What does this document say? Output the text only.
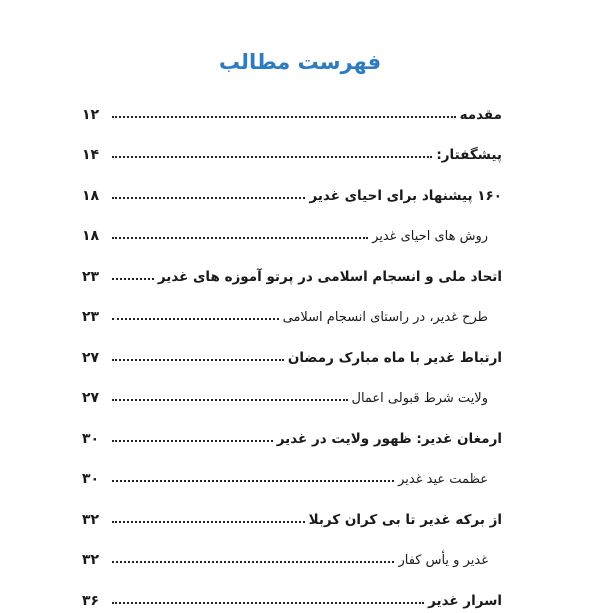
فهرست مطالب
مقدمه
۱۲
پیشگفتار:
۱۴
۱۶۰ پیشنهاد برای احیای غدیر
۱۸
روش های احیای غدیر
۱۸
اتحاد ملی و انسجام اسلامی در پرتو آموزه های غدیر
۲۳
طرح غدیر، در راستای انسجام اسلامی
۲۳
ارتباط غدیر با ماه مبارک رمضان
۲۷
ولایت شرط قبولی اعمال
۲۷
ارمغان غدیر: ظهور ولایت در غدیر
۳۰
عظمت عید غدیر
۳۰
از برکه غدیر تا بی کران کربلا
۳۲
غدیر و یأس کفار
۳۲
اسرار غدیر
۳۶
